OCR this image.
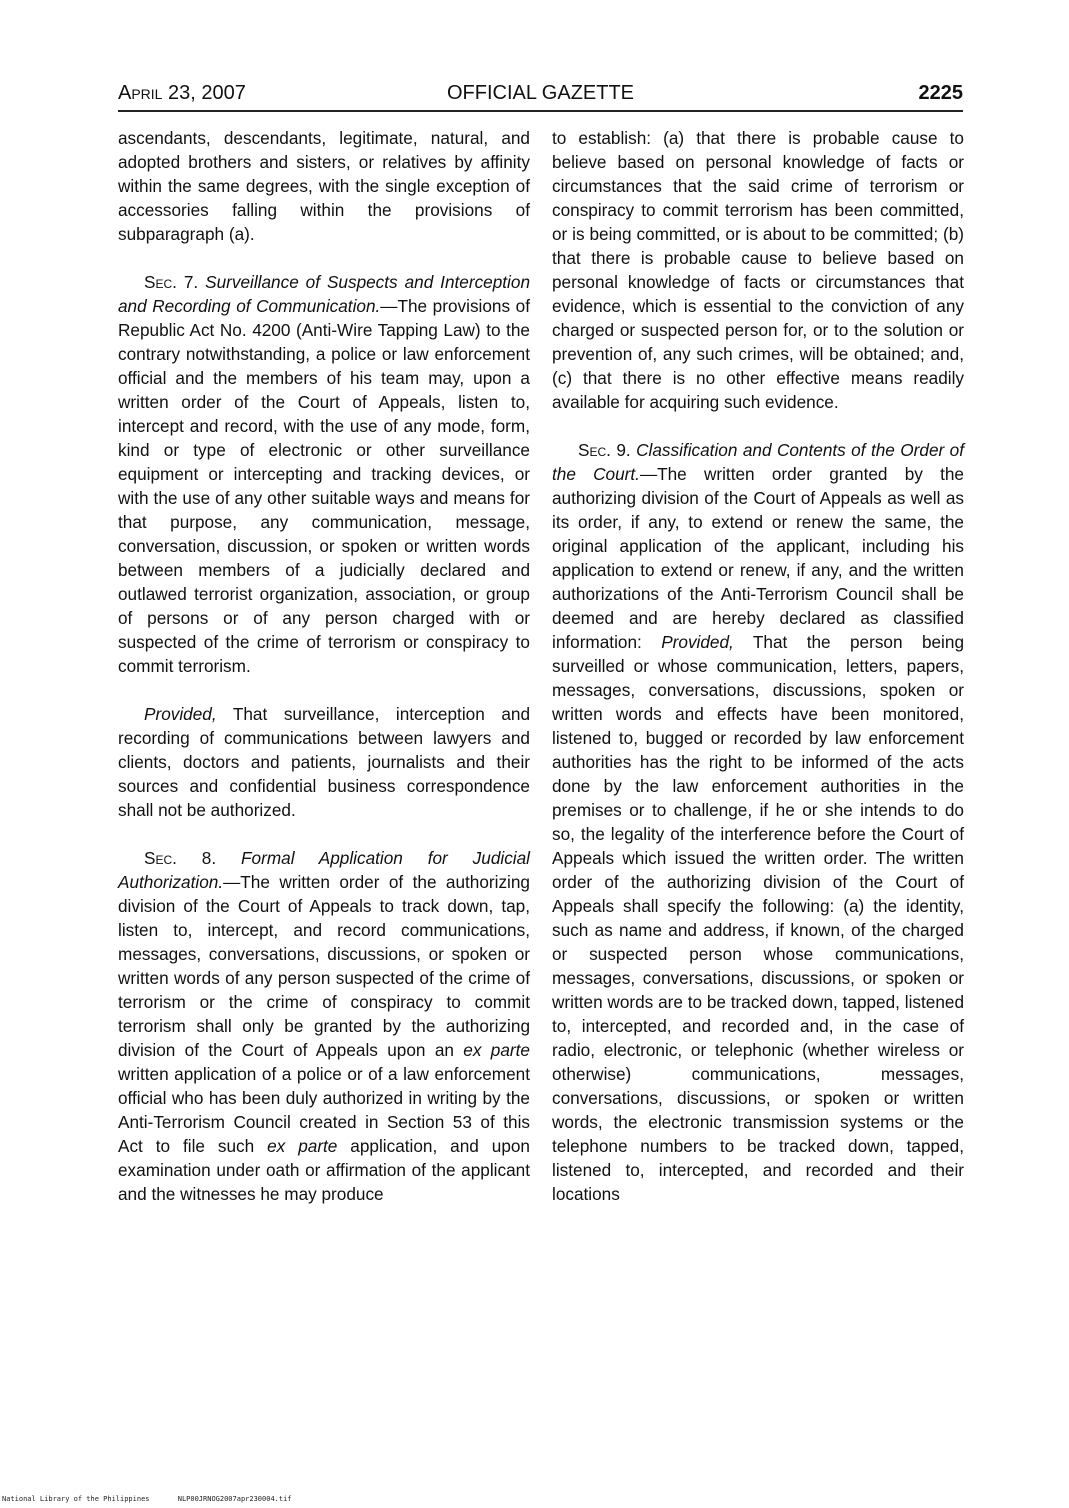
April 23, 2007	OFFICIAL GAZETTE	2225

ascendants, descendants, legitimate, natural, and adopted brothers and sisters, or relatives by affinity within the same degrees, with the single exception of accessories falling within the provisions of subparagraph (a).

Sec. 7. Surveillance of Suspects and Interception and Recording of Communication.—The provisions of Republic Act No. 4200 (Anti-Wire Tapping Law) to the contrary notwithstanding, a police or law enforcement official and the members of his team may, upon a written order of the Court of Appeals, listen to, intercept and record, with the use of any mode, form, kind or type of electronic or other surveillance equipment or intercepting and tracking devices, or with the use of any other suitable ways and means for that purpose, any communication, message, conversation, discussion, or spoken or written words between members of a judicially declared and outlawed terrorist organization, association, or group of persons or of any person charged with or suspected of the crime of terrorism or conspiracy to commit terrorism.

Provided, That surveillance, interception and recording of communications between lawyers and clients, doctors and patients, journalists and their sources and confidential business correspondence shall not be authorized.

Sec. 8. Formal Application for Judicial Authorization.—The written order of the authorizing division of the Court of Appeals to track down, tap, listen to, intercept, and record communications, messages, conversations, discussions, or spoken or written words of any person suspected of the crime of terrorism or the crime of conspiracy to commit terrorism shall only be granted by the authorizing division of the Court of Appeals upon an ex parte written application of a police or of a law enforcement official who has been duly authorized in writing by the Anti-Terrorism Council created in Section 53 of this Act to file such ex parte application, and upon examination under oath or affirmation of the applicant and the witnesses he may produce

to establish: (a) that there is probable cause to believe based on personal knowledge of facts or circumstances that the said crime of terrorism or conspiracy to commit terrorism has been committed, or is being committed, or is about to be committed; (b) that there is probable cause to believe based on personal knowledge of facts or circumstances that evidence, which is essential to the conviction of any charged or suspected person for, or to the solution or prevention of, any such crimes, will be obtained; and, (c) that there is no other effective means readily available for acquiring such evidence.

Sec. 9. Classification and Contents of the Order of the Court.—The written order granted by the authorizing division of the Court of Appeals as well as its order, if any, to extend or renew the same, the original application of the applicant, including his application to extend or renew, if any, and the written authorizations of the Anti-Terrorism Council shall be deemed and are hereby declared as classified information: Provided, That the person being surveilled or whose communication, letters, papers, messages, conversations, discussions, spoken or written words and effects have been monitored, listened to, bugged or recorded by law enforcement authorities has the right to be informed of the acts done by the law enforcement authorities in the premises or to challenge, if he or she intends to do so, the legality of the interference before the Court of Appeals which issued the written order. The written order of the authorizing division of the Court of Appeals shall specify the following: (a) the identity, such as name and address, if known, of the charged or suspected person whose communications, messages, conversations, discussions, or spoken or written words are to be tracked down, tapped, listened to, intercepted, and recorded and, in the case of radio, electronic, or telephonic (whether wireless or otherwise) communications, messages, conversations, discussions, or spoken or written words, the electronic transmission systems or the telephone numbers to be tracked down, tapped, listened to, intercepted, and recorded and their locations

National Library of the Philippines	NLP00JRNOG2007apr230004.tif
